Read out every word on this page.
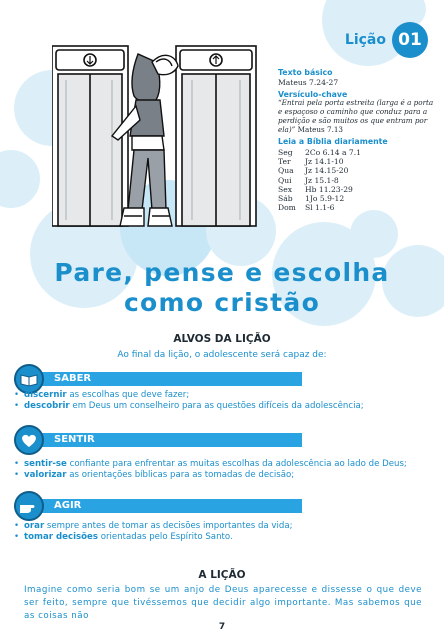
Lição 01
Texto básico
Mateus 7.24-27
Versículo-chave
“Entrai pela porta estreita (larga é a porta e espaçoso o caminho que conduz para a perdição e são muitos os que entram por ela)” Mateus 7.13
Leia a Bíblia diariamente
Seg	2Co 6.14 a 7.1
Ter	Jz 14.1-10
Qua	Jz 14.15-20
Qui	Jz 15.1-8
Sex	Hb 11.23-29
Sáb	1Jo 5.9-12
Dom	Sl 1.1-6
Pare, pense e escolha
como cristão
ALVOS DA LIÇÃO
Ao final da lição, o adolescente será capaz de:
SABER
• discernir as escolhas que deve fazer;
• descobrir em Deus um conselheiro para as questões difíceis da adolescência;
SENTIR
• sentir-se confiante para enfrentar as muitas escolhas da adolescência ao lado de Deus;
• valorizar as orientações bíblicas para as tomadas de decisão;
AGIR
• orar sempre antes de tomar as decisões importantes da vida;
• tomar decisões orientadas pelo Espírito Santo.
A LIÇÃO
Imagine como seria bom se um anjo de Deus aparecesse e dissesse o que deve ser feito, sempre que tivéssemos que decidir algo importante. Mas sabemos que as coisas não
7
